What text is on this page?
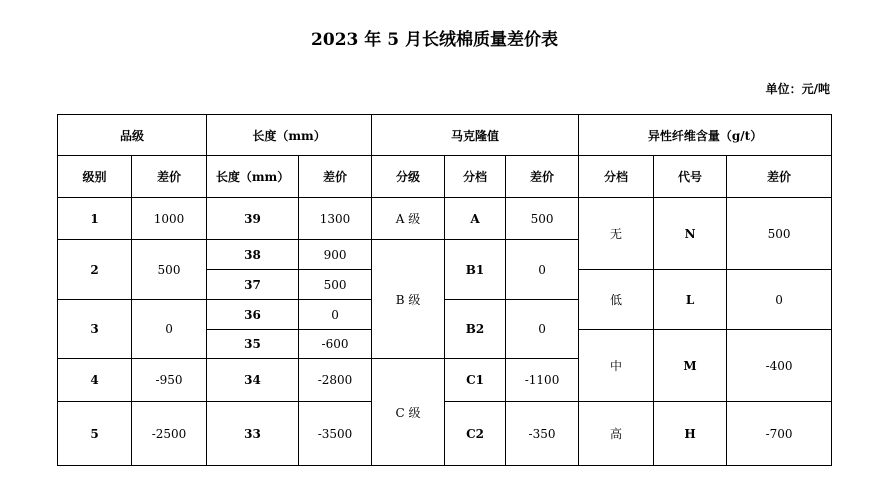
2023 年 5 月长绒棉质量差价表
单位：元/吨
品级		长度（mm）		马克隆值			异性纤维含量（g/t）		
级别	差价	长度（mm）	差价	分级	分档	差价	分档	代号	差价
1	1000	39	1300	A 级	A	500	无	N	500
2	500	38	900	B 级	B1	0			
		37	500				低	L	0
3	0	36	0		B2	0			
		35	-600				中	M	-400
4	-950	34	-2800	C 级	C1	-1100			
5	-2500	33	-3500		C2	-350	高	H	-700
